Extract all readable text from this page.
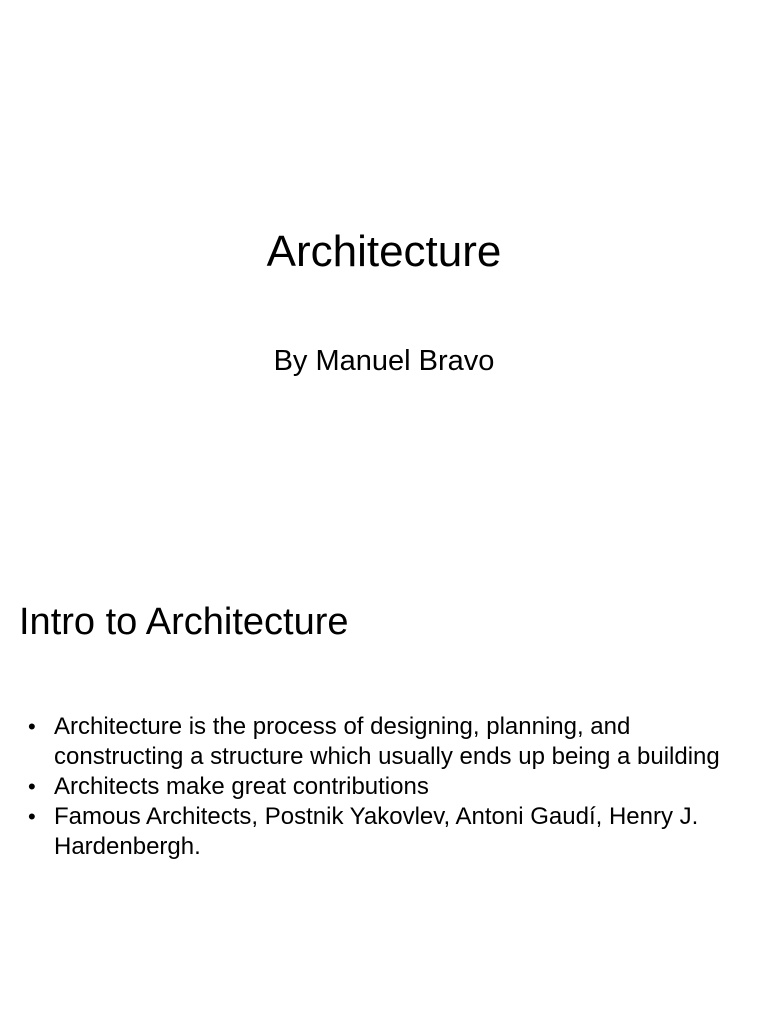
Architecture
By Manuel Bravo
Intro to Architecture
• Architecture is the process of designing, planning, and constructing a structure which usually ends up being a building
• Architects make great contributions
• Famous Architects, Postnik Yakovlev, Antoni Gaudí, Henry J. Hardenbergh.
